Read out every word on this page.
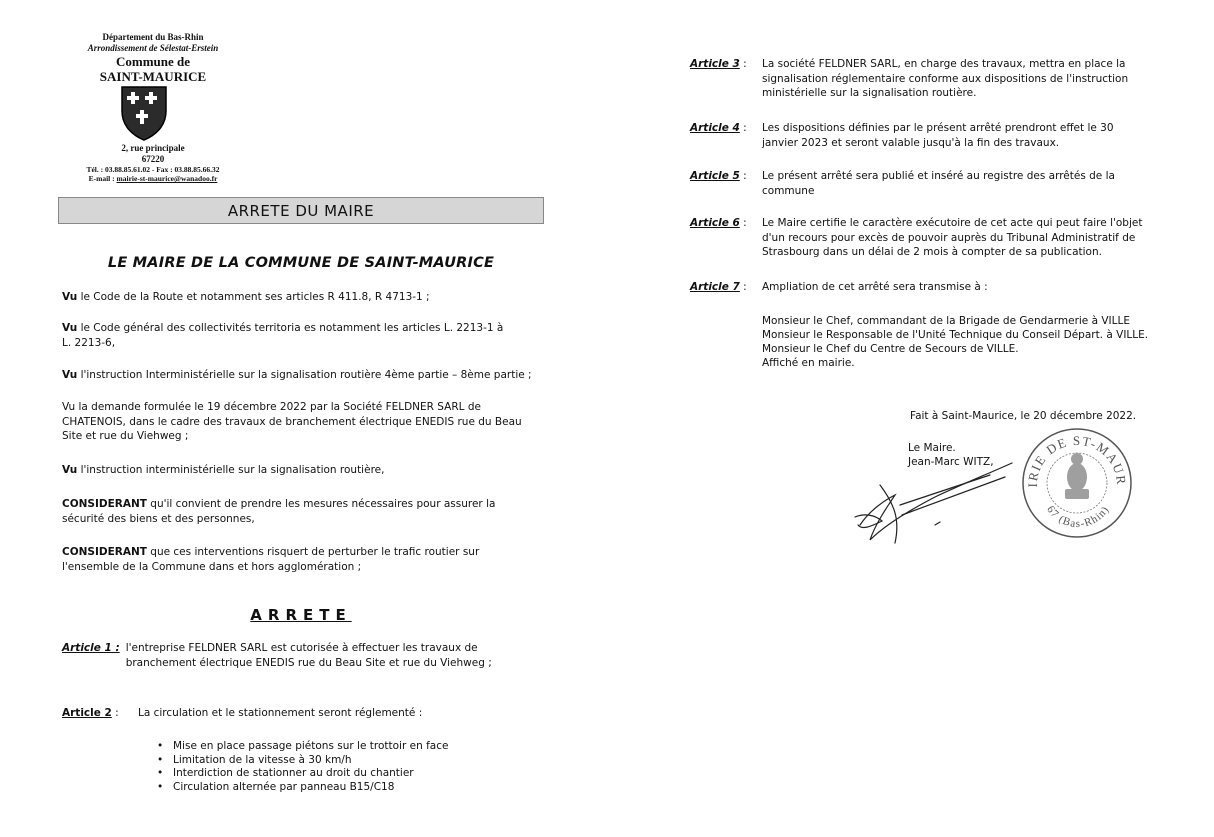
Département du Bas-Rhin
Arrondissement de Sélestat-Erstein
Commune de
SAINT-MAURICE
2, rue principale
67220
Tél. : 03.88.85.61.02 - Fax : 03.88.85.66.32
E-mail : mairie-st-maurice@wanadoo.fr
ARRETE DU MAIRE
LE MAIRE DE LA COMMUNE DE SAINT-MAURICE
Vu le Code de la Route et notamment ses articles R 411.8, R 4713-1 ;
Vu le Code général des collectivités territoria es notamment les articles L. 2213-1 à L. 2213-6,
Vu l'instruction Interministérielle sur la signalisation routière 4ème partie – 8ème partie ;
Vu la demande formulée le 19 décembre 2022 par la Société FELDNER SARL de CHATENOIS, dans le cadre des travaux de branchement électrique ENEDIS rue du Beau Site et rue du Viehweg ;
Vu l'instruction interministérielle sur la signalisation routière,
CONSIDERANT qu'il convient de prendre les mesures nécessaires pour assurer la sécurité des biens et des personnes,
CONSIDERANT que ces interventions risquert de perturber le trafic routier sur l'ensemble de la Commune dans et hors agglomération ;
ARRETE
Article 1 : l'entreprise FELDNER SARL est cutorisée à effectuer les travaux de branchement électrique ENEDIS rue du Beau Site et rue du Viehweg ;
Article 2 :	La circulation et le stationnement seront réglementé :
• Mise en place passage piétons sur le trottoir en face
• Limitation de la vitesse à 30 km/h
• Interdiction de stationner au droit du chantier
• Circulation alternée par panneau B15/C18
Article 3 :	La société FELDNER SARL, en charge des travaux, mettra en place la signalisation réglementaire conforme aux dispositions de l'instruction ministérielle sur la signalisation routière.
Article 4 :	Les dispositions définies par le présent arrêté prendront effet le 30 janvier 2023 et seront valable jusqu'à la fin des travaux.
Article 5 :	Le présent arrêté sera publié et inséré au registre des arrêtés de la commune
Article 6 :	Le Maire certifie le caractère exécutoire de cet acte qui peut faire l'objet d'un recours pour excès de pouvoir auprès du Tribunal Administratif de Strasbourg dans un délai de 2 mois à compter de sa publication.
Article 7 :	Ampliation de cet arrêté sera transmise à :
Monsieur le Chef, commandant de la Brigade de Gendarmerie à VILLE
Monsieur le Responsable de l'Unité Technique du Conseil Départ. à VILLE.
Monsieur le Chef du Centre de Secours de VILLE.
Affiché en mairie.
Fait à Saint-Maurice, le 20 décembre 2022.
Le Maire.
Jean-Marc WITZ,
IRIE DE ST-MAUR
67 (Bas-Rhin)
